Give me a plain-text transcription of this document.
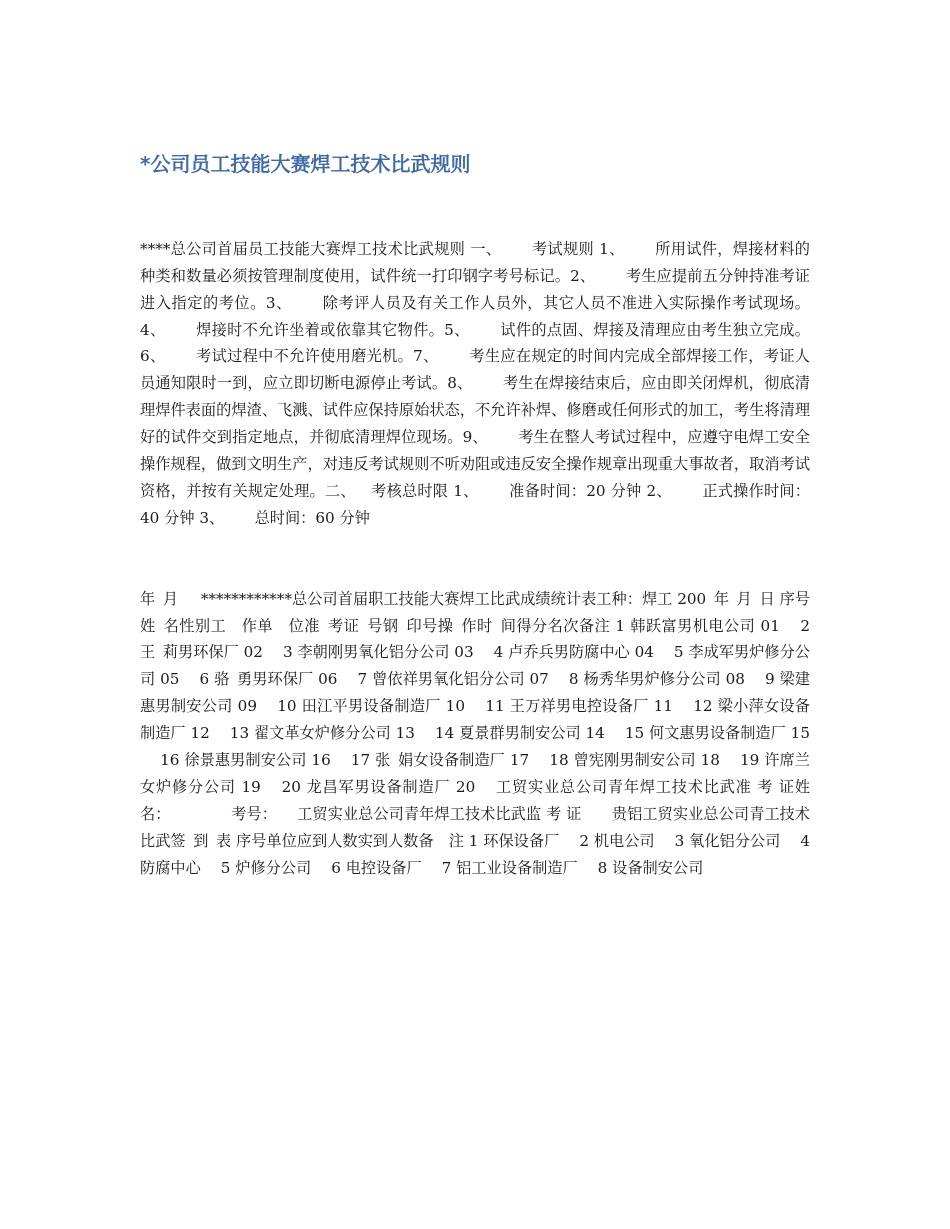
*公司员工技能大赛焊工技术比武规则

****总公司首届员工技能大赛焊工技术比武规则 一、  考试规则 1、  所用试件，焊接材料的种类和数量必须按管理制度使用，试件统一打印钢字考号标记。2、  考生应提前五分钟持准考证进入指定的考位。3、  除考评人员及有关工作人员外，其它人员不准进入实际操作考试现场。4、  焊接时不允许坐着或依靠其它物件。5、  试件的点固、焊接及清理应由考生独立完成。6、  考试过程中不允许使用磨光机。7、  考生应在规定的时间内完成全部焊接工作，考证人员通知限时一到，应立即切断电源停止考试。8、  考生在焊接结束后，应由即关闭焊机，彻底清理焊件表面的焊渣、飞溅、试件应保持原始状态，不允许补焊、修磨或任何形式的加工，考生将清理好的试件交到指定地点，并彻底清理焊位现场。9、  考生在整人考试过程中，应遵守电焊工安全操作规程，做到文明生产，对违反考试规则不听劝阻或违反安全操作规章出现重大事故者，取消考试资格，并按有关规定处理。二、 考核总时限 1、  准备时间：20 分钟 2、  正式操作时间：40 分钟 3、  总时间：60 分钟

年 月  ************总公司首届职工技能大赛焊工比武成绩统计表工种：焊工 200 年 月 日 序号姓 名性别工 作单 位准 考证 号钢 印号操 作时 间得分名次备注 1 韩跃富男机电公司 01  2 王 莉男环保厂 02  3 李朝刚男氧化铝分公司 03  4 卢乔兵男防腐中心 04  5 李成军男炉修分公司 05  6 骆 勇男环保厂 06  7 曾依祥男氧化铝分公司 07  8 杨秀华男炉修分公司 08  9 梁建惠男制安公司 09  10 田江平男设备制造厂 10  11 王万祥男电控设备厂 11  12 梁小萍女设备制造厂 12  13 翟文革女炉修分公司 13  14 夏景群男制安公司 14  15 何文惠男设备制造厂 15  16 徐景惠男制安公司 16  17 张 娟女设备制造厂 17  18 曾宪刚男制安公司 18  19 许席兰女炉修分公司 19  20 龙昌军男设备制造厂 20  工贸实业总公司青年焊工技术比武准 考 证姓名：    考号：  工贸实业总公司青年焊工技术比武监 考 证  贵铝工贸实业总公司青工技术比武签 到 表 序号单位应到人数实到人数备 注 1 环保设备厂  2 机电公司  3 氧化铝分公司  4 防腐中心  5 炉修分公司  6 电控设备厂  7 铝工业设备制造厂  8 设备制安公司
